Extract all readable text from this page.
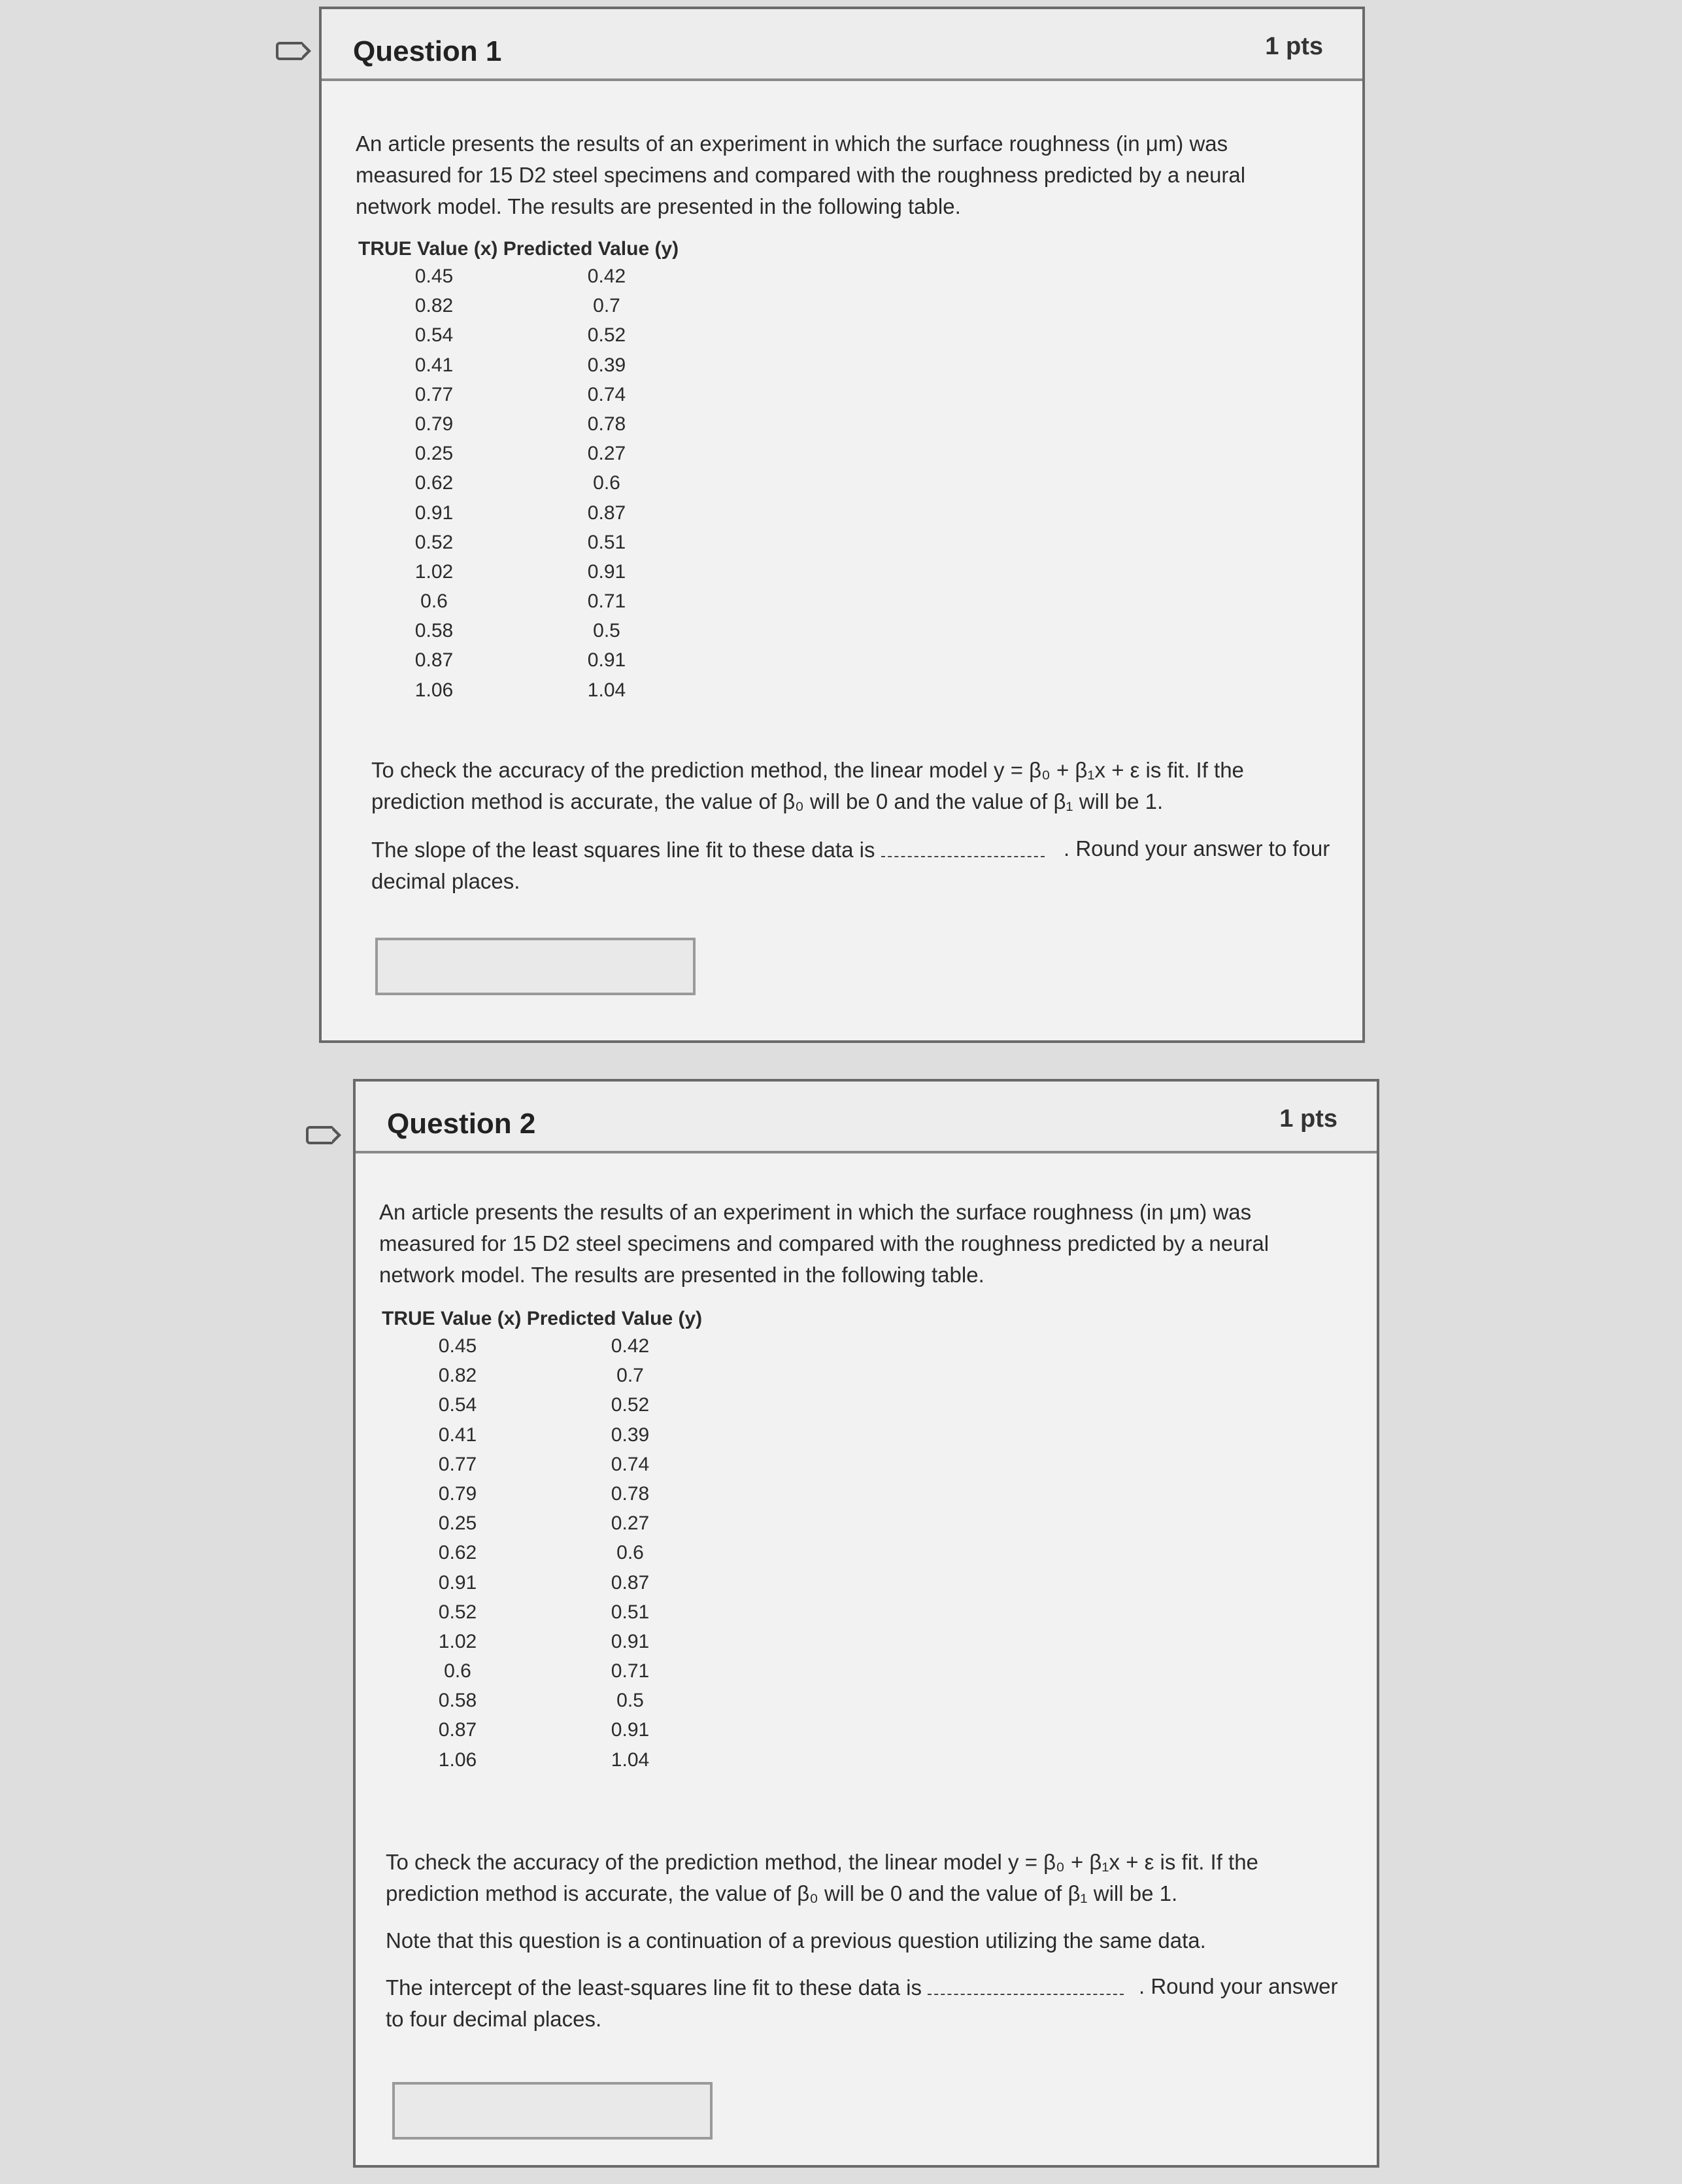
Question 1	1 pts
An article presents the results of an experiment in which the surface roughness (in μm) was measured for 15 D2 steel specimens and compared with the roughness predicted by a neural network model. The results are presented in the following table.
TRUE Value (x) Predicted Value (y)
0.45	0.42
0.82	0.7
0.54	0.52
0.41	0.39
0.77	0.74
0.79	0.78
0.25	0.27
0.62	0.6
0.91	0.87
0.52	0.51
1.02	0.91
0.6	0.71
0.58	0.5
0.87	0.91
1.06	1.04
To check the accuracy of the prediction method, the linear model y = β₀ + β₁x + ε is fit. If the prediction method is accurate, the value of β₀ will be 0 and the value of β₁ will be 1.
The slope of the least squares line fit to these data is	. Round your answer to four
decimal places.
Question 2	1 pts
An article presents the results of an experiment in which the surface roughness (in μm) was measured for 15 D2 steel specimens and compared with the roughness predicted by a neural network model. The results are presented in the following table.
TRUE Value (x) Predicted Value (y)
0.45	0.42
0.82	0.7
0.54	0.52
0.41	0.39
0.77	0.74
0.79	0.78
0.25	0.27
0.62	0.6
0.91	0.87
0.52	0.51
1.02	0.91
0.6	0.71
0.58	0.5
0.87	0.91
1.06	1.04
To check the accuracy of the prediction method, the linear model y = β₀ + β₁x + ε is fit. If the prediction method is accurate, the value of β₀ will be 0 and the value of β₁ will be 1.
Note that this question is a continuation of a previous question utilizing the same data.
The intercept of the least-squares line fit to these data is	. Round your answer
to four decimal places.
